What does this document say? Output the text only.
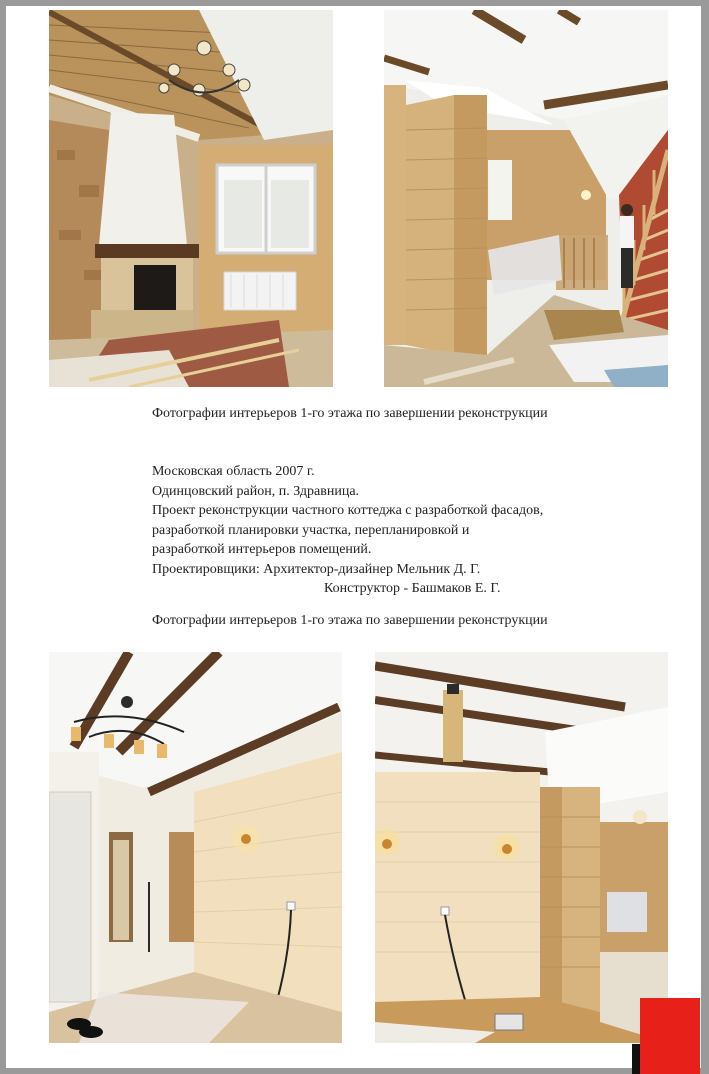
Фотографии интерьеров 1-го этажа по завершении реконструкции
Московская область 2007 г.
Одинцовский район, п. Здравница.
Проект реконструкции частного коттеджа с разработкой фасадов,
разработкой планировки участка, перепланировкой и
разработкой интерьеров помещений.
Проектировщики: Архитектор-дизайнер Мельник Д. Г.
Конструктор - Башмаков Е. Г.
Фотографии интерьеров 1-го этажа по завершении реконструкции
